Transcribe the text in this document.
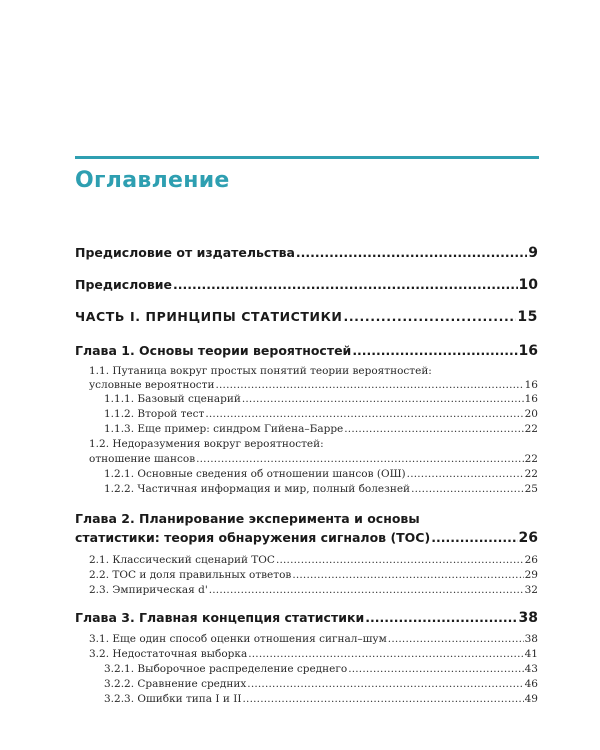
Оглавление
Предисловие от издательства .....	9
Предисловие .....	10
ЧАСТЬ I. ПРИНЦИПЫ СТАТИСТИКИ .....	15
Глава 1. Основы теории вероятностей .....	16
1.1. Путаница вокруг простых понятий теории вероятностей:
условные вероятности .....	16
1.1.1. Базовый сценарий .....	16
1.1.2. Второй тест .....	20
1.1.3. Еще пример: синдром Гийена–Барре .....	22
1.2. Недоразумения вокруг вероятностей:
отношение шансов .....	22
1.2.1. Основные сведения об отношении шансов (ОШ) .....	22
1.2.2. Частичная информация и мир, полный болезней .....	25
Глава 2. Планирование эксперимента и основы
статистики: теория обнаружения сигналов (ТОС) .....	26
2.1. Классический сценарий ТОС .....	26
2.2. ТОС и доля правильных ответов .....	29
2.3. Эмпирическая d' .....	32
Глава 3. Главная концепция статистики .....	38
3.1. Еще один способ оценки отношения сигнал–шум .....	38
3.2. Недостаточная выборка .....	41
3.2.1. Выборочное распределение среднего .....	43
3.2.2. Сравнение средних .....	46
3.2.3. Ошибки типа I и II .....	49
